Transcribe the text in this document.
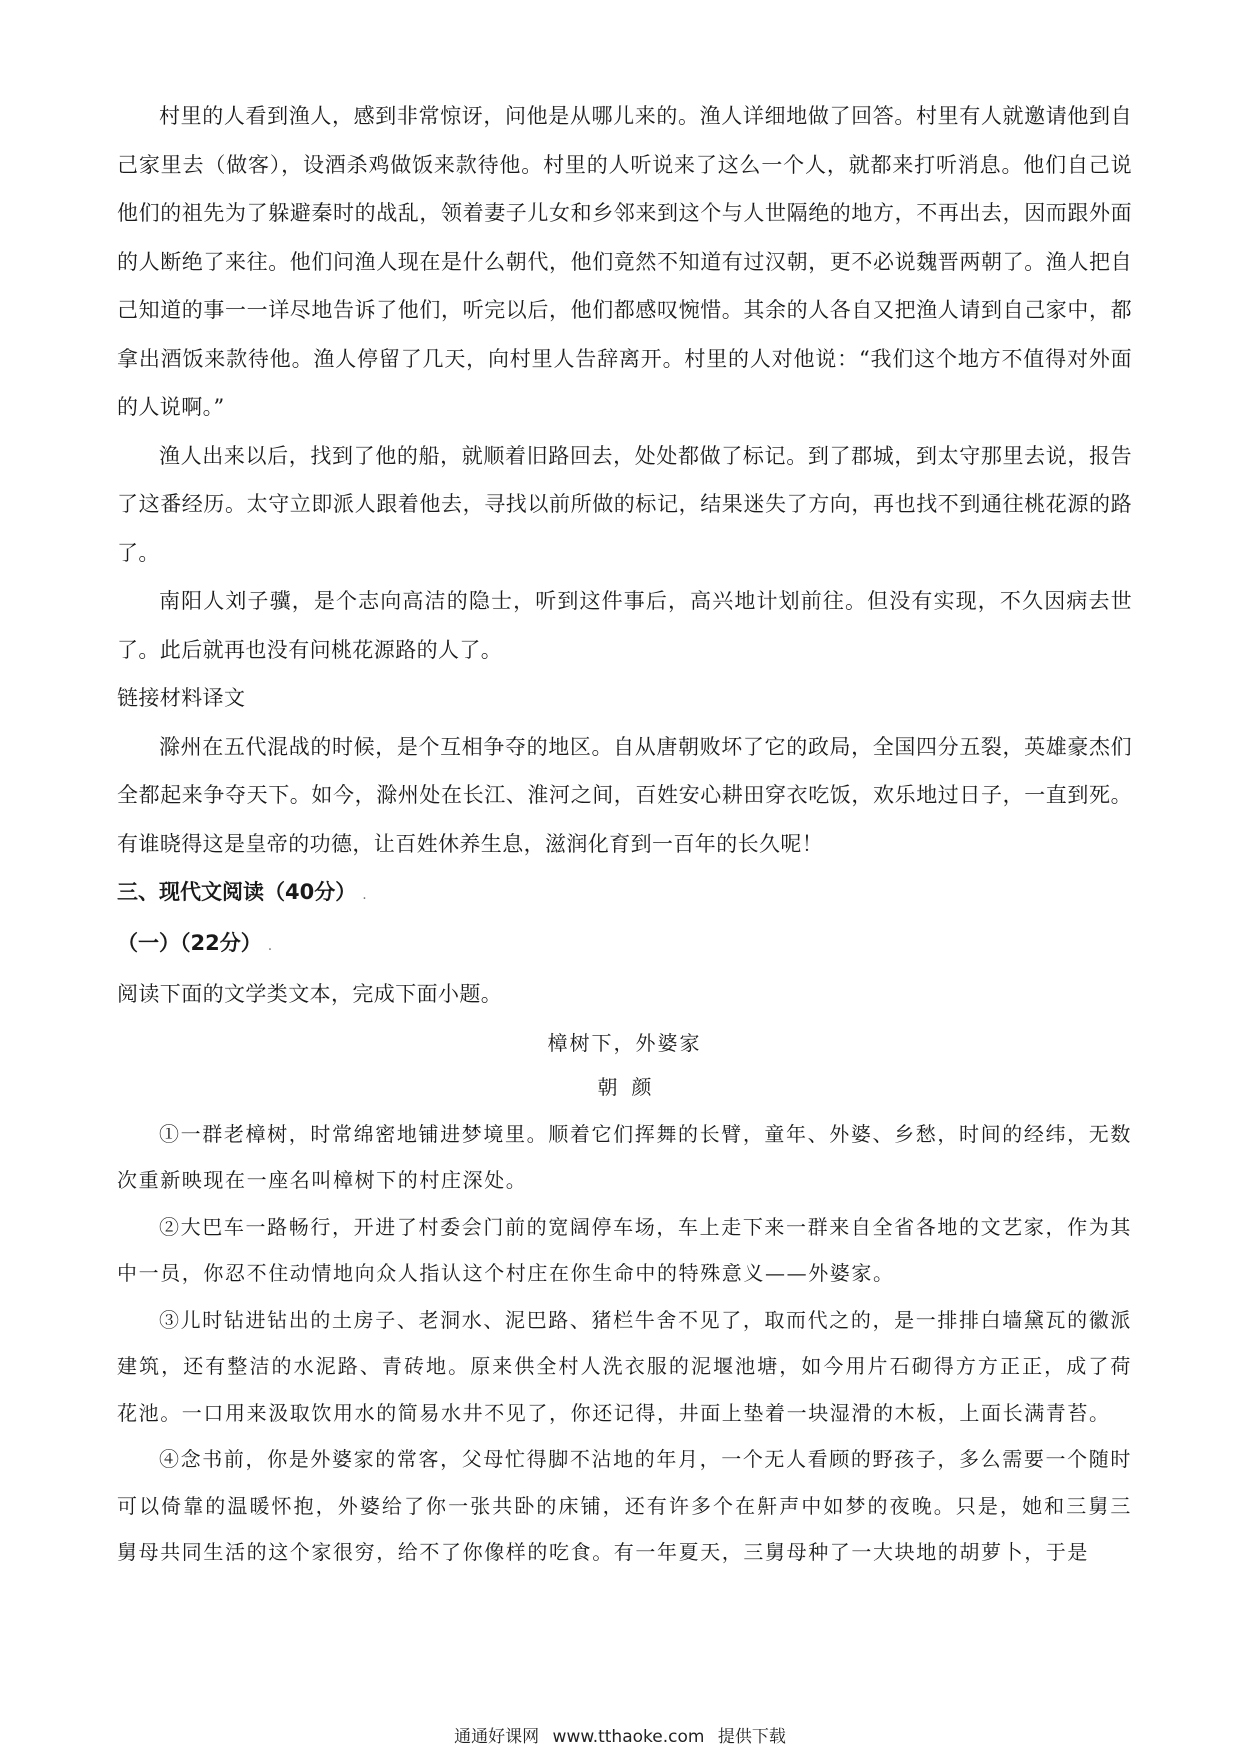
村里的人看到渔人，感到非常惊讶，问他是从哪儿来的。渔人详细地做了回答。村里有人就邀请他到自己家里去（做客），设酒杀鸡做饭来款待他。村里的人听说来了这么一个人，就都来打听消息。他们自己说他们的祖先为了躲避秦时的战乱，领着妻子儿女和乡邻来到这个与人世隔绝的地方，不再出去，因而跟外面的人断绝了来往。他们问渔人现在是什么朝代，他们竟然不知道有过汉朝，更不必说魏晋两朝了。渔人把自己知道的事一一详尽地告诉了他们，听完以后，他们都感叹惋惜。其余的人各自又把渔人请到自己家中，都拿出酒饭来款待他。渔人停留了几天，向村里人告辞离开。村里的人对他说：“我们这个地方不值得对外面的人说啊。”

渔人出来以后，找到了他的船，就顺着旧路回去，处处都做了标记。到了郡城，到太守那里去说，报告了这番经历。太守立即派人跟着他去，寻找以前所做的标记，结果迷失了方向，再也找不到通往桃花源的路了。

南阳人刘子骥，是个志向高洁的隐士，听到这件事后，高兴地计划前往。但没有实现，不久因病去世了。此后就再也没有问桃花源路的人了。

链接材料译文

滁州在五代混战的时候，是个互相争夺的地区。自从唐朝败坏了它的政局，全国四分五裂，英雄豪杰们全都起来争夺天下。如今，滁州处在长江、淮河之间，百姓安心耕田穿衣吃饭，欢乐地过日子，一直到死。有谁晓得这是皇帝的功德，让百姓休养生息，滋润化育到一百年的长久呢！

三、现代文阅读（40分） .

（一）（22分） .

阅读下面的文学类文本，完成下面小题。

樟树下，外婆家

朝颜

①一群老樟树，时常绵密地铺进梦境里。顺着它们挥舞的长臂，童年、外婆、乡愁，时间的经纬，无数次重新映现在一座名叫樟树下的村庄深处。

②大巴车一路畅行，开进了村委会门前的宽阔停车场，车上走下来一群来自全省各地的文艺家，作为其中一员，你忍不住动情地向众人指认这个村庄在你生命中的特殊意义——外婆家。

③儿时钻进钻出的土房子、老洞水、泥巴路、猪栏牛舍不见了，取而代之的，是一排排白墙黛瓦的徽派建筑，还有整洁的水泥路、青砖地。原来供全村人洗衣服的泥堰池塘，如今用片石砌得方方正正，成了荷花池。一口用来汲取饮用水的简易水井不见了，你还记得，井面上垫着一块湿滑的木板，上面长满青苔。

④念书前，你是外婆家的常客，父母忙得脚不沾地的年月，一个无人看顾的野孩子，多么需要一个随时可以倚靠的温暖怀抱，外婆给了你一张共卧的床铺，还有许多个在鼾声中如梦的夜晚。只是，她和三舅三舅母共同生活的这个家很穷，给不了你像样的吃食。有一年夏天，三舅母种了一大块地的胡萝卜，于是

通通好课网 www.tthaoke.com 提供下载
